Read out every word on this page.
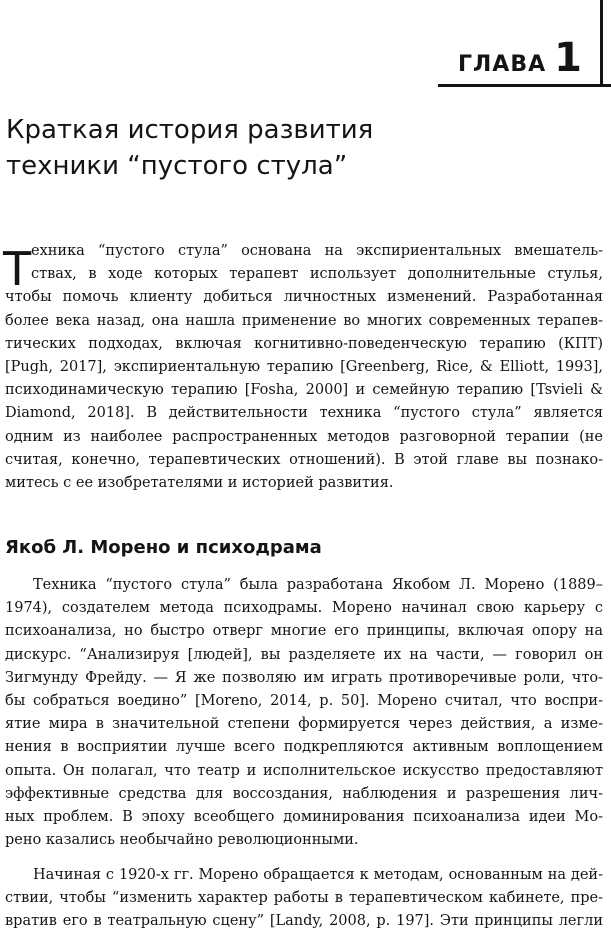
ГЛАВА 1
Краткая история развития
техники “пустого стула”
Т ехника “пустого стула” основана на экспириентальных вмешатель-
ствах, в ходе которых терапевт использует дополнительные стулья,
чтобы помочь клиенту добиться личностных изменений. Разработанная
более века назад, она нашла применение во многих современных терапев-
тических подходах, включая когнитивно-поведенческую терапию (КПТ)
[Pugh, 2017], экспириентальную терапию [Greenberg, Rice, & Elliott, 1993],
психодинамическую терапию [Fosha, 2000] и семейную терапию [Tsvieli &
Diamond, 2018]. В действительности техника “пустого стула” является
одним из наиболее распространенных методов разговорной терапии (не
считая, конечно, терапевтических отношений). В этой главе вы познако-
митесь с ее изобретателями и историей развития.
Якоб Л. Морено и психодрама
Техника “пустого стула” была разработана Якобом Л. Морено (1889–
1974), создателем метода психодрамы. Морено начинал свою карьеру с
психоанализа, но быстро отверг многие его принципы, включая опору на
дискурс. “Анализируя [людей], вы разделяете их на части, — говорил он
Зигмунду Фрейду. — Я же позволяю им играть противоречивые роли, что-
бы собраться воедино” [Moreno, 2014, p. 50]. Морено считал, что воспри-
ятие мира в значительной степени формируется через действия, а изме-
нения в восприятии лучше всего подкрепляются активным воплощением
опыта. Он полагал, что театр и исполнительское искусство предоставляют
эффективные средства для воссоздания, наблюдения и разрешения лич-
ных проблем. В эпоху всеобщего доминирования психоанализа идеи Мо-
рено казались необычайно революционными.
Начиная с 1920-х гг. Морено обращается к методам, основанным на дей-
ствии, чтобы “изменить характер работы в терапевтическом кабинете, пре-
вратив его в театральную сцену” [Landy, 2008, p. 197]. Эти принципы легли
